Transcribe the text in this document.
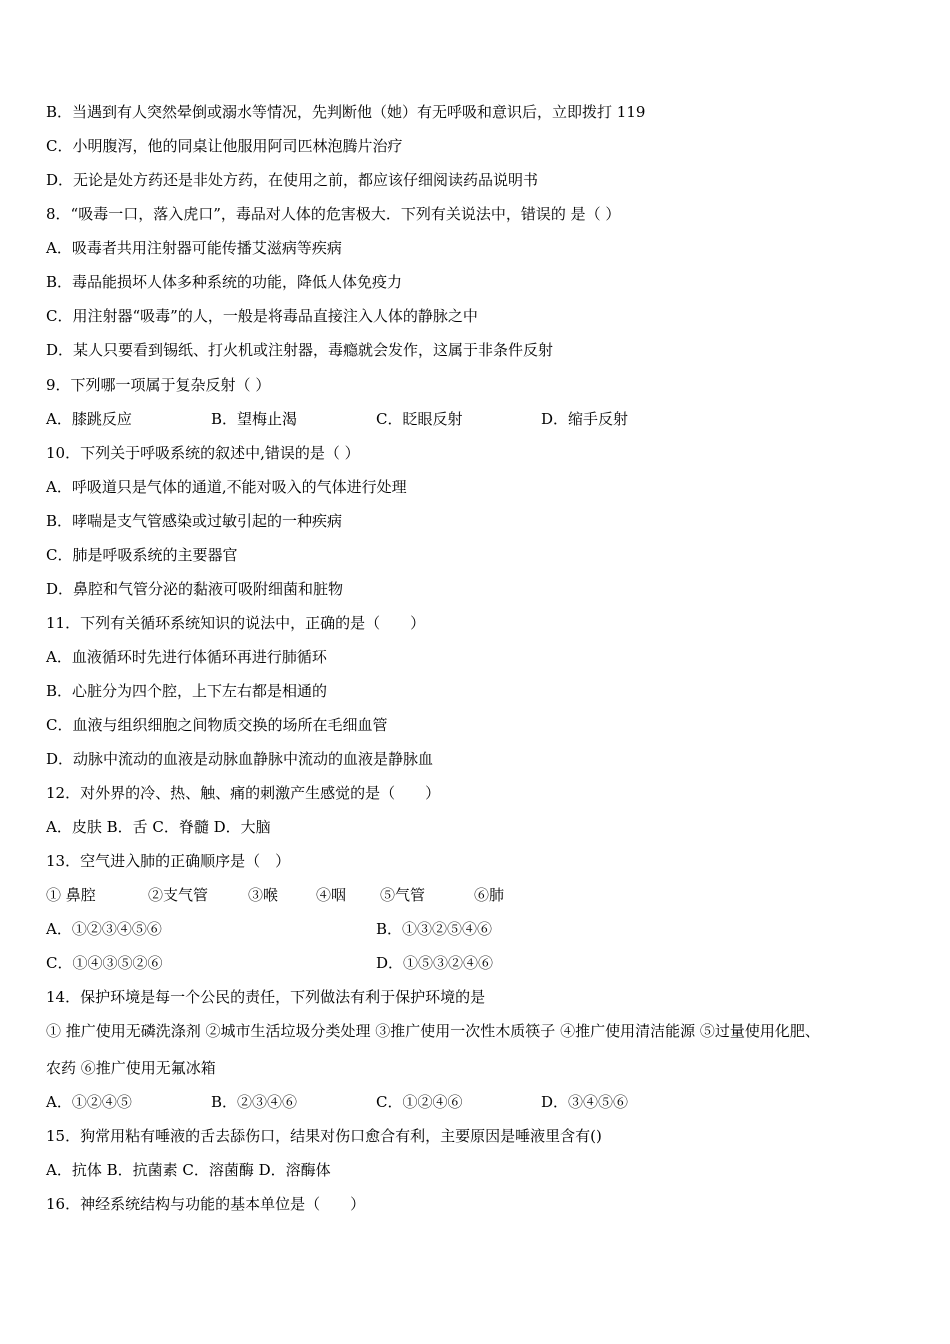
B．当遇到有人突然晕倒或溺水等情况，先判断他（她）有无呼吸和意识后，立即拨打 119
C．小明腹泻，他的同桌让他服用阿司匹林泡腾片治疗
D．无论是处方药还是非处方药，在使用之前，都应该仔细阅读药品说明书
8．“吸毒一口，落入虎口”，毒品对人体的危害极大．下列有关说法中，错误的 是（ ）
A．吸毒者共用注射器可能传播艾滋病等疾病
B．毒品能损坏人体多种系统的功能，降低人体免疫力
C．用注射器“吸毒”的人，一般是将毒品直接注入人体的静脉之中
D．某人只要看到锡纸、打火机或注射器，毒瘾就会发作，这属于非条件反射
9．下列哪一项属于复杂反射（ ）
A．膝跳反应	B．望梅止渴	C．眨眼反射	D．缩手反射
10．下列关于呼吸系统的叙述中,错误的是（ ）
A．呼吸道只是气体的通道,不能对吸入的气体进行处理
B．哮喘是支气管感染或过敏引起的一种疾病
C．肺是呼吸系统的主要器官
D．鼻腔和气管分泌的黏液可吸附细菌和脏物
11．下列有关循环系统知识的说法中，正确的是（　　）
A．血液循环时先进行体循环再进行肺循环
B．心脏分为四个腔，上下左右都是相通的
C．血液与组织细胞之间物质交换的场所在毛细血管
D．动脉中流动的血液是动脉血静脉中流动的血液是静脉血
12．对外界的冷、热、触、痛的刺激产生感觉的是（　　）
A．皮肤 B．舌 C．脊髓 D．大脑
13．空气进入肺的正确顺序是（　）
① 鼻腔	②支气管	③喉	④咽 ⑤气管	⑥肺
A．①②③④⑤⑥	B．①③②⑤④⑥
C．①④③⑤②⑥	D．①⑤③②④⑥
14．保护环境是每一个公民的责任，下列做法有利于保护环境的是
① 推广使用无磷洗涤剂 ②城市生活垃圾分类处理 ③推广使用一次性木质筷子 ④推广使用清洁能源 ⑤过量使用化肥、
农药 ⑥推广使用无氟冰箱
A．①②④⑤	B．②③④⑥	C．①②④⑥	D．③④⑤⑥
15．狗常用粘有唾液的舌去舔伤口，结果对伤口愈合有利，主要原因是唾液里含有()
A．抗体 B．抗菌素 C．溶菌酶 D．溶酶体
16．神经系统结构与功能的基本单位是（　　）
